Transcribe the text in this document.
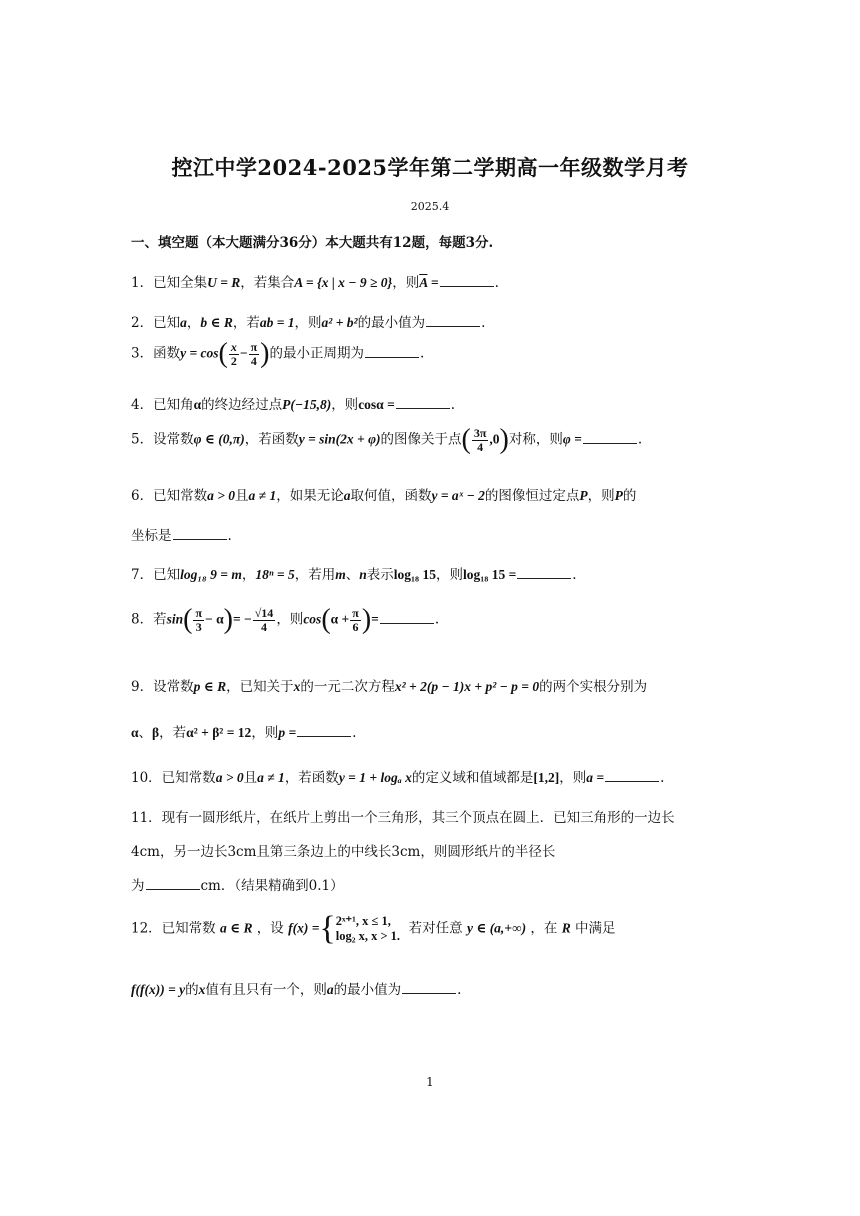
控江中学2024-2025学年第二学期高一年级数学月考
2025.4
一、填空题（本大题满分36分）本大题共有12题，每题3分.
1．已知全集U = R，若集合A = {x | x − 9 ≥ 0}，则$\overline{A}$ =	.
2．已知a，b ∈ R，若ab = 1，则a² + b²的最小值为	.
3．函数$y = \cos( \frac{x}{2} - \frac{\pi}{4}$ )的最小正周期为	.
4．已知角α的终边经过点P(−15,8)，则cosα =	.
5．设常数φ ∈ (0,π)，若函数y = sin(2x + φ)的图像关于点( $\frac{3\pi}{4} ,0$)对称，则φ =	.
6．已知常数a > 0且a ≠ 1，如果无论a取何值，函数y = aˣ − 2的图像恒过定点P，则P的
坐标是	.
7．已知log₁₈ 9 = m，18ⁿ = 5，若用m、n表示log₁₈ 15，则log₁₈ 15 =	.
8．若$\sin( \frac{\pi}{3} - \alpha)= - \frac{√14}{4}$ ，则$\cos(\alpha + \frac{\pi}{6}$ )=	.
9．设常数p ∈ R，已知关于x的一元二次方程x² + 2(p − 1)x + p² − p = 0的两个实根分别为
α、β，若α² + β² = 12，则p =	.
10．已知常数a > 0且a ≠ 1，若函数y = 1 + logₐ x的定义域和值域都是[1,2]，则a =	.
11．现有一圆形纸片，在纸片上剪出一个三角形，其三个顶点在圆上．已知三角形的一边长
4cm，另一边长3cm且第三条边上的中线长3cm，则圆形纸片的半径长
为	cm．（结果精确到0.1）
12．已知常数 a ∈ R ，设 f(x) ={ 2ˣ⁺¹, x ≤ 1,
log₂ x, x > 1. 若对任意 y ∈ (a,+∞) ，在 R 中满足
f(f(x)) = y的x值有且只有一个，则a的最小值为	.
1
